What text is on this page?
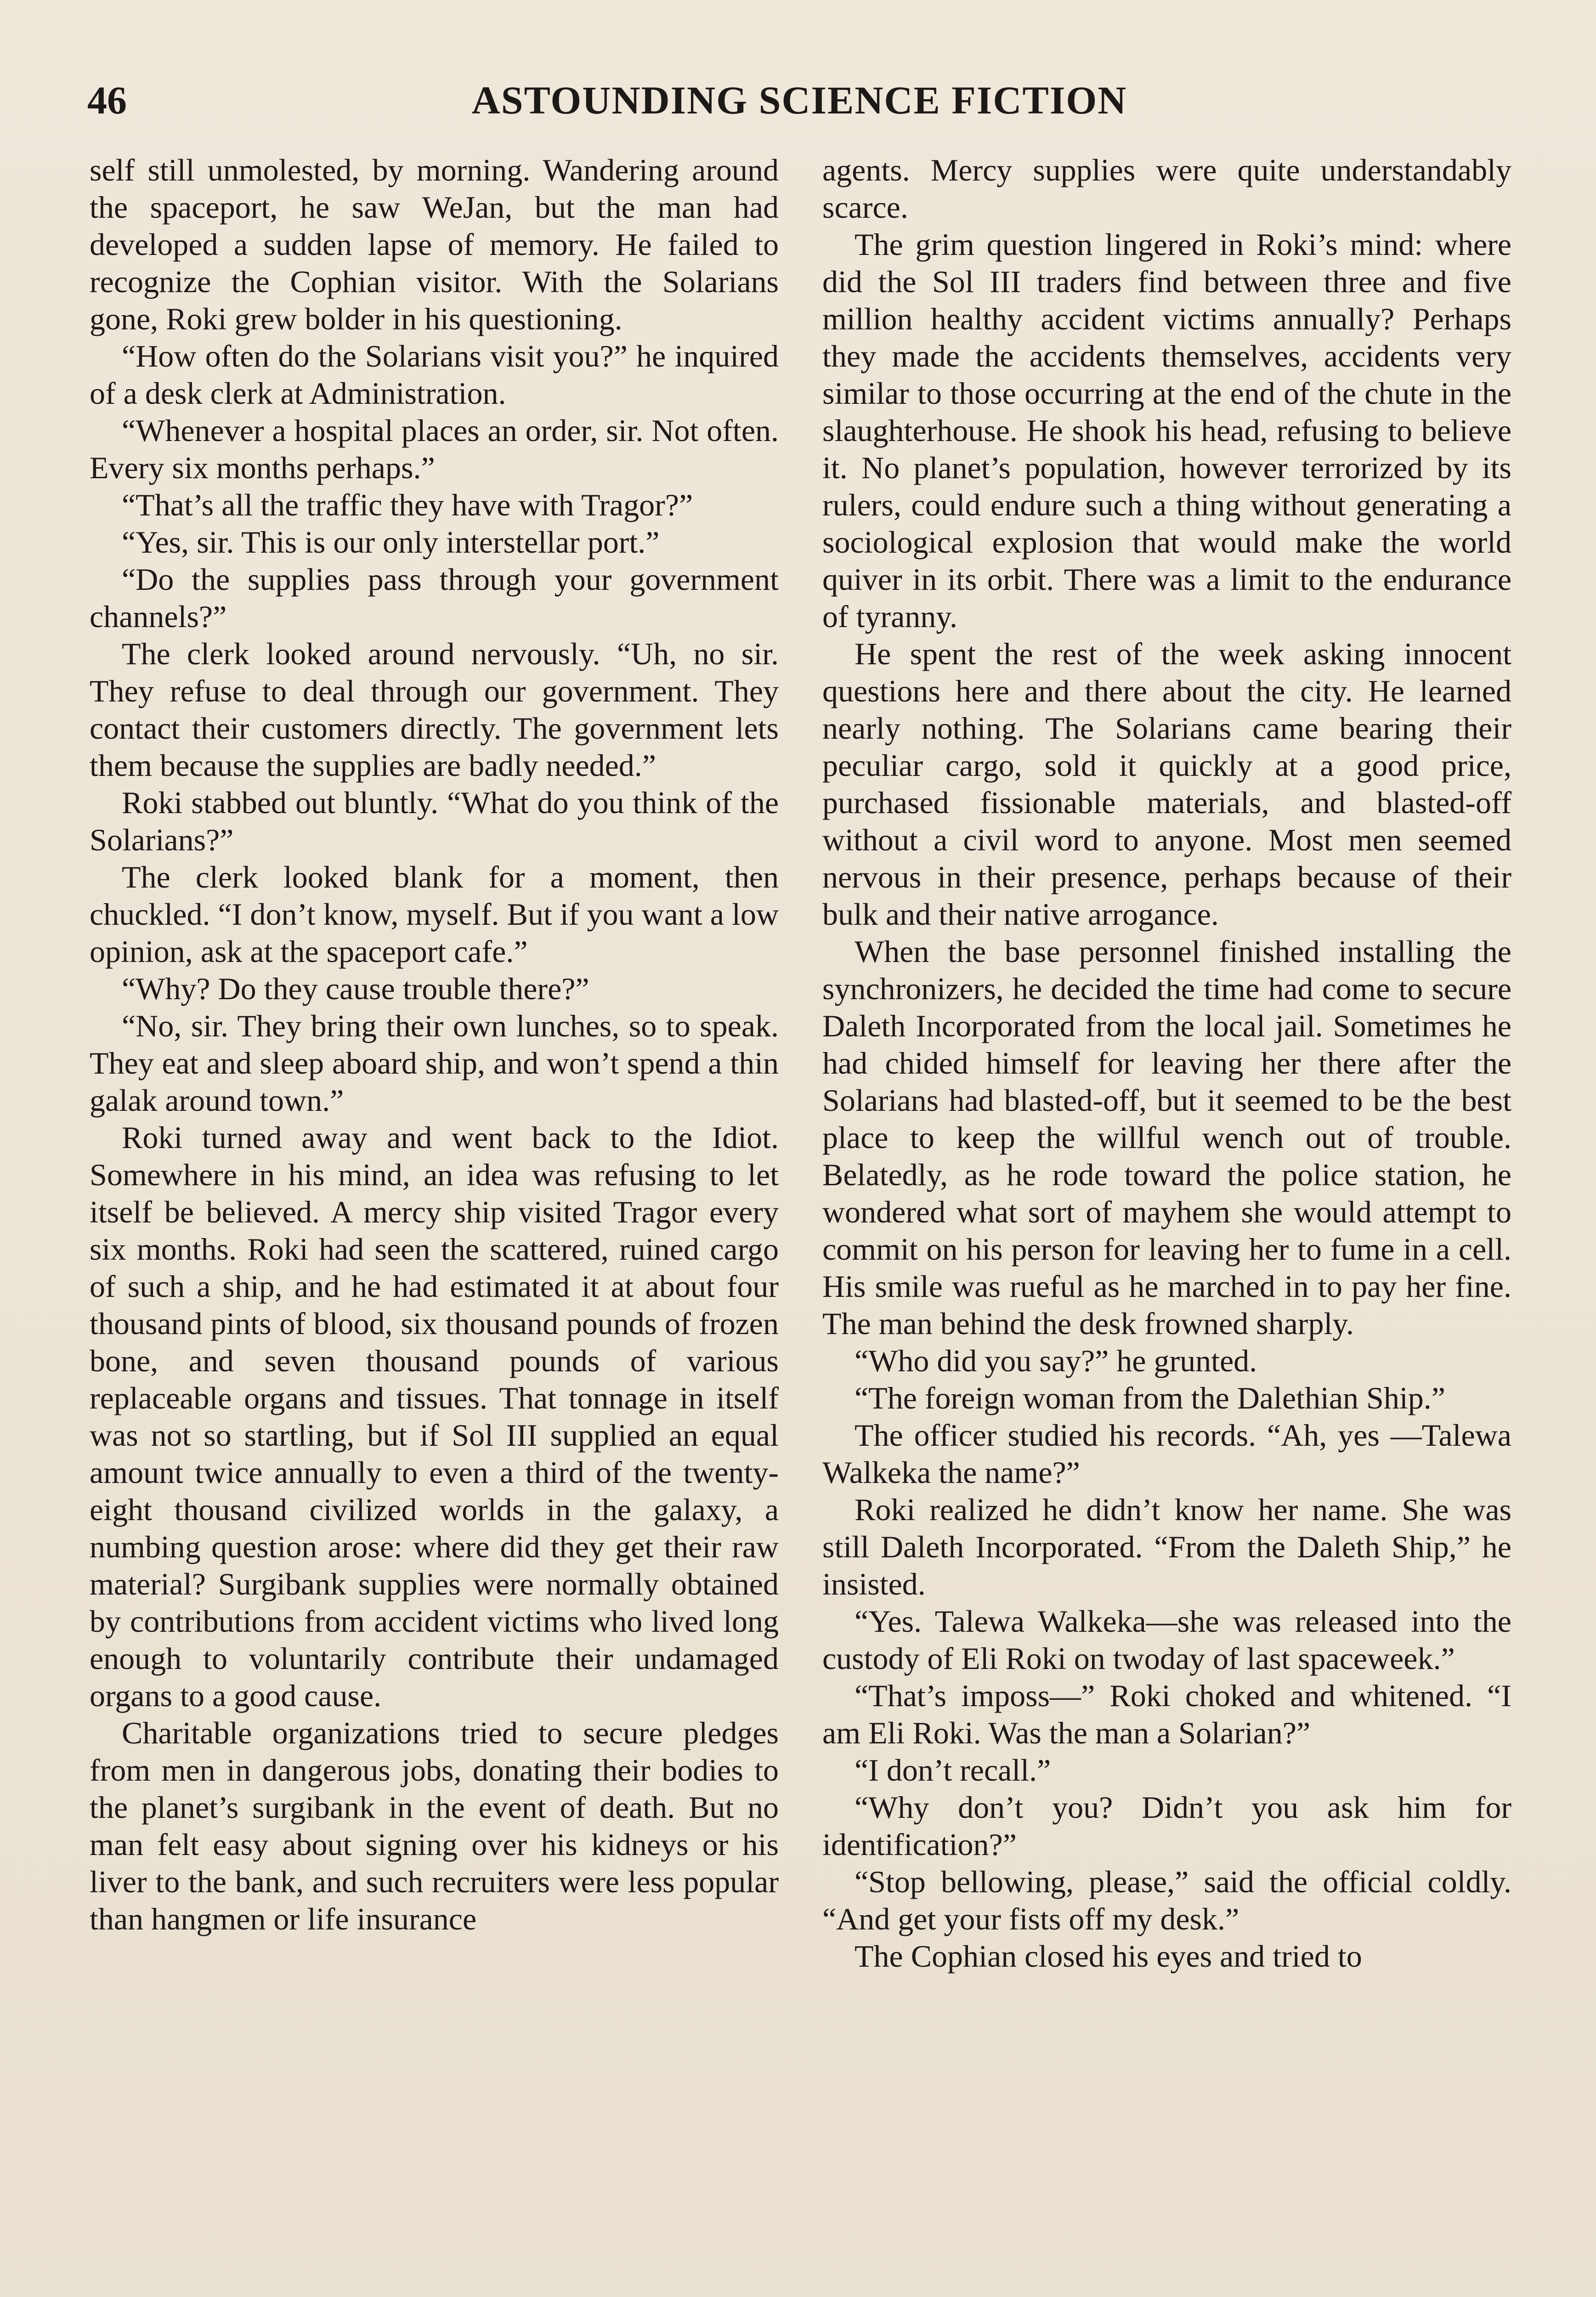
46	ASTOUNDING SCIENCE FICTION

self still unmolested, by morning. Wandering around the spaceport, he saw WeJan, but the man had developed a sudden lapse of memory. He failed to recognize the Cophian visitor. With the Solarians gone, Roki grew bolder in his questioning.

“How often do the Solarians visit you?” he inquired of a desk clerk at Administration.

“Whenever a hospital places an order, sir. Not often. Every six months perhaps.”

“That’s all the traffic they have with Tragor?”

“Yes, sir. This is our only interstellar port.”

“Do the supplies pass through your government channels?”

The clerk looked around nervously. “Uh, no sir. They refuse to deal through our government. They contact their customers directly. The government lets them because the supplies are badly needed.”

Roki stabbed out bluntly. “What do you think of the Solarians?”

The clerk looked blank for a moment, then chuckled. “I don’t know, myself. But if you want a low opinion, ask at the spaceport cafe.”

“Why? Do they cause trouble there?”

“No, sir. They bring their own lunches, so to speak. They eat and sleep aboard ship, and won’t spend a thin galak around town.”

Roki turned away and went back to the Idiot. Somewhere in his mind, an idea was refusing to let itself be believed. A mercy ship visited Tragor every six months. Roki had seen the scattered, ruined cargo of such a ship, and he had estimated it at about four thousand pints of blood, six thousand pounds of frozen bone, and seven thousand pounds of various replaceable organs and tissues. That tonnage in itself was not so startling, but if Sol III supplied an equal amount twice annually to even a third of the twenty-eight thousand civilized worlds in the galaxy, a numbing question arose: where did they get their raw material? Surgibank supplies were normally obtained by contributions from accident victims who lived long enough to voluntarily contribute their undamaged organs to a good cause.

Charitable organizations tried to secure pledges from men in dangerous jobs, donating their bodies to the planet’s surgibank in the event of death. But no man felt easy about signing over his kidneys or his liver to the bank, and such recruiters were less popular than hangmen or life insurance

agents. Mercy supplies were quite understandably scarce.

The grim question lingered in Roki’s mind: where did the Sol III traders find between three and five million healthy accident victims annually? Perhaps they made the accidents themselves, accidents very similar to those occurring at the end of the chute in the slaughterhouse. He shook his head, refusing to believe it. No planet’s population, however terrorized by its rulers, could endure such a thing without generating a sociological explosion that would make the world quiver in its orbit. There was a limit to the endurance of tyranny.

He spent the rest of the week asking innocent questions here and there about the city. He learned nearly nothing. The Solarians came bearing their peculiar cargo, sold it quickly at a good price, purchased fissionable materials, and blasted-off without a civil word to anyone. Most men seemed nervous in their presence, perhaps because of their bulk and their native arrogance.

When the base personnel finished installing the synchronizers, he decided the time had come to secure Daleth Incorporated from the local jail. Sometimes he had chided himself for leaving her there after the Solarians had blasted-off, but it seemed to be the best place to keep the willful wench out of trouble. Belatedly, as he rode toward the police station, he wondered what sort of mayhem she would attempt to commit on his person for leaving her to fume in a cell. His smile was rueful as he marched in to pay her fine. The man behind the desk frowned sharply.

“Who did you say?” he grunted.

“The foreign woman from the Dalethian Ship.”

The officer studied his records. “Ah, yes —Talewa Walkeka the name?”

Roki realized he didn’t know her name. She was still Daleth Incorporated. “From the Daleth Ship,” he insisted.

“Yes. Talewa Walkeka—she was released into the custody of Eli Roki on twoday of last spaceweek.”

“That’s imposs—” Roki choked and whitened. “I am Eli Roki. Was the man a Solarian?”

“I don’t recall.”

“Why don’t you? Didn’t you ask him for identification?”

“Stop bellowing, please,” said the official coldly. “And get your fists off my desk.”

The Cophian closed his eyes and tried to
